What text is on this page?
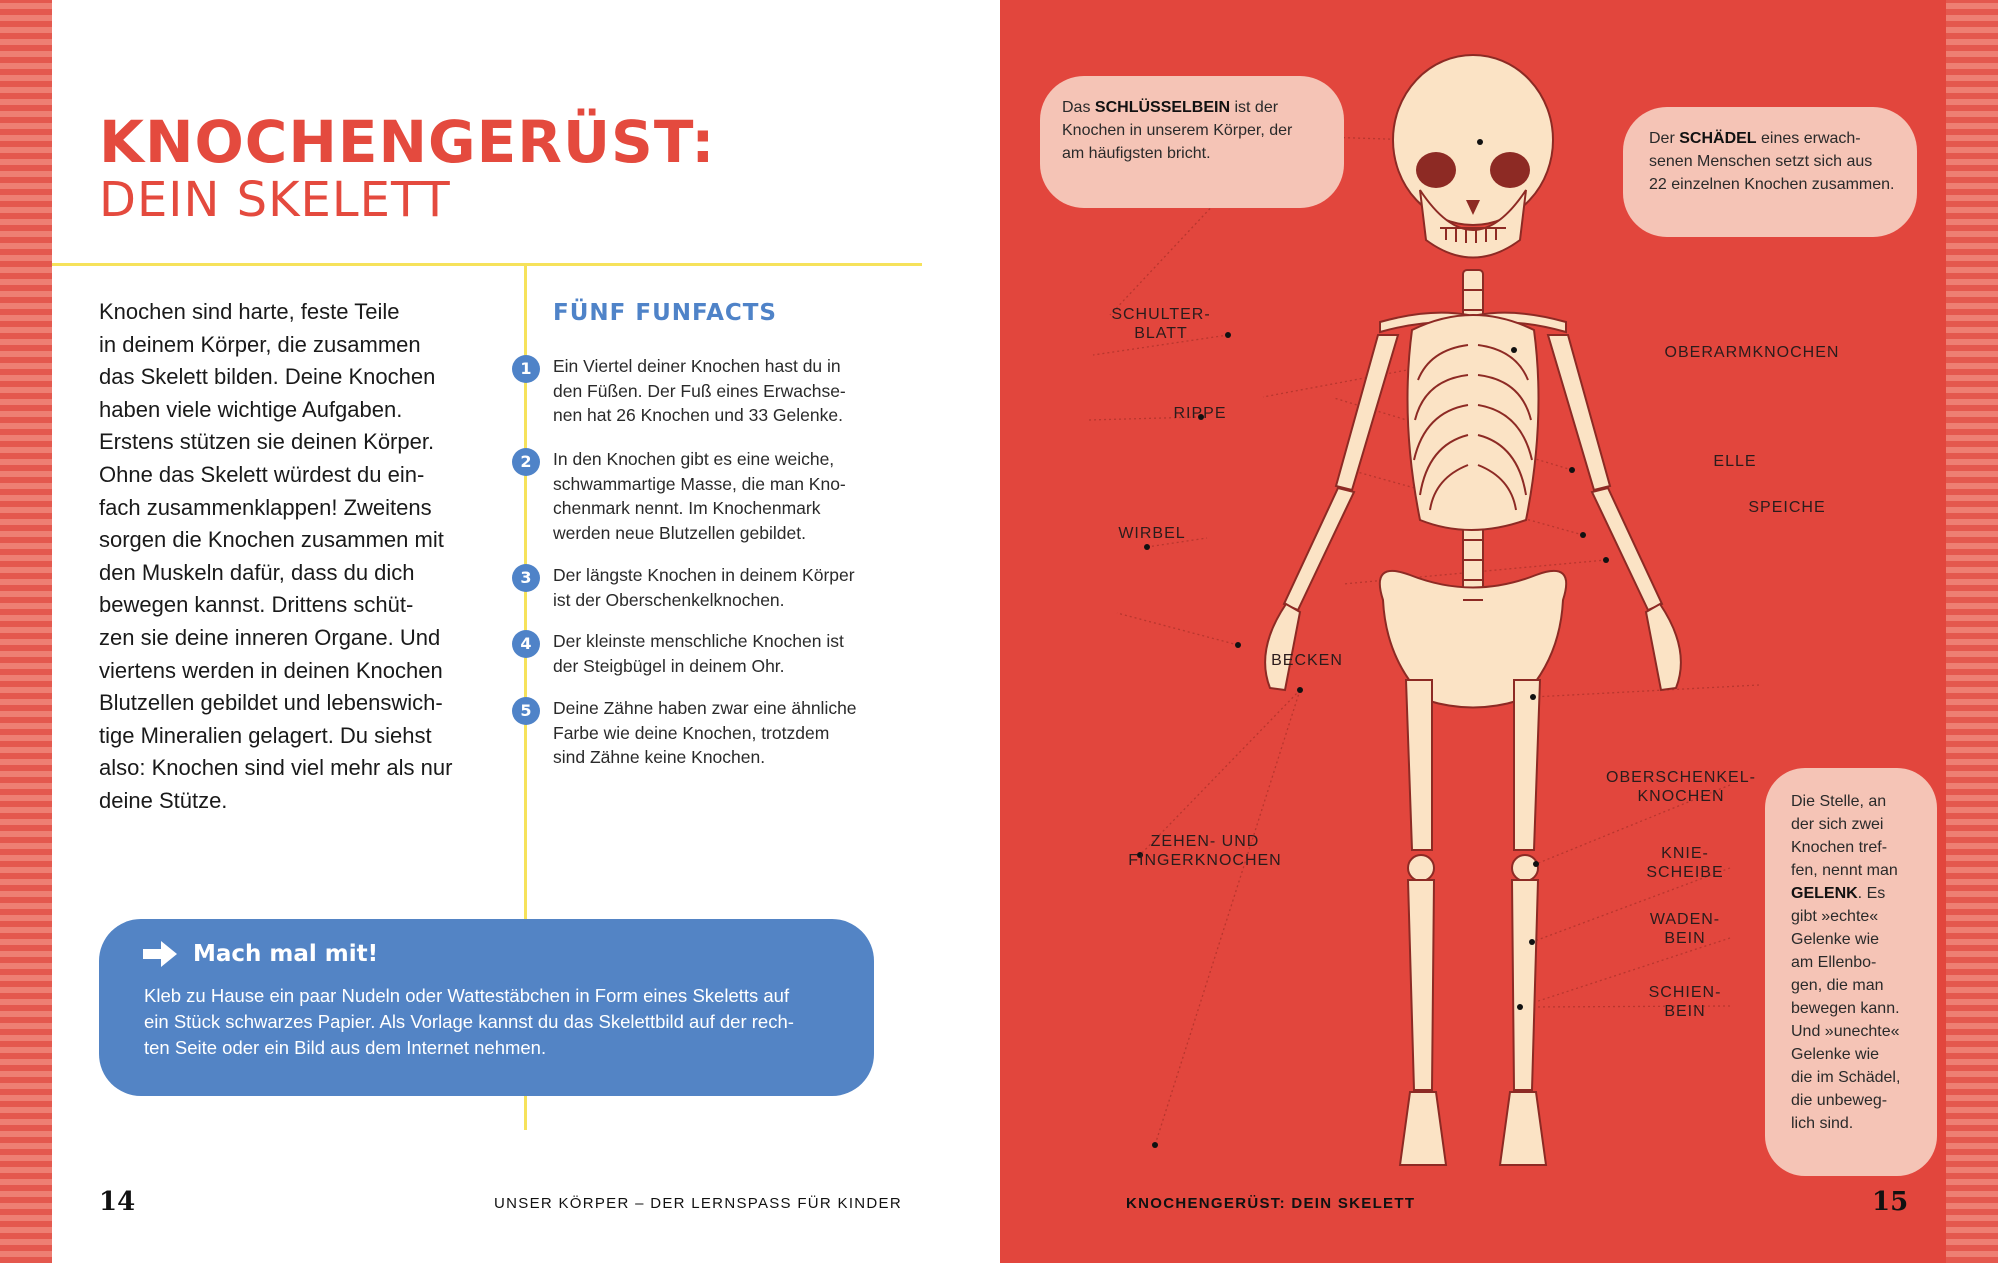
KNOCHENGERÜST:
DEIN SKELETT
Knochen sind harte, feste Teile
in deinem Körper, die zusammen
das Skelett bilden. Deine Knochen
haben viele wichtige Aufgaben.
Erstens stützen sie deinen Körper.
Ohne das Skelett würdest du ein-
fach zusammenklappen! Zweitens
sorgen die Knochen zusammen mit
den Muskeln dafür, dass du dich
bewegen kannst. Drittens schüt-
zen sie deine inneren Organe. Und
viertens werden in deinen Knochen
Blutzellen gebildet und lebenswich-
tige Mineralien gelagert. Du siehst
also: Knochen sind viel mehr als nur
deine Stütze.
FÜNF FUNFACTS
1	Ein Viertel deiner Knochen hast du in
den Füßen. Der Fuß eines Erwachse-
nen hat 26 Knochen und 33 Gelenke.
2	In den Knochen gibt es eine weiche,
schwammartige Masse, die man Kno-
chenmark nennt. Im Knochenmark
werden neue Blutzellen gebildet.
3	Der längste Knochen in deinem Körper
ist der Oberschenkelknochen.
4	Der kleinste menschliche Knochen ist
der Steigbügel in deinem Ohr.
5	Deine Zähne haben zwar eine ähnliche
Farbe wie deine Knochen, trotzdem
sind Zähne keine Knochen.
Mach mal mit!
Kleb zu Hause ein paar Nudeln oder Wattestäbchen in Form eines Skeletts auf
ein Stück schwarzes Papier. Als Vorlage kannst du das Skelettbild auf der rech-
ten Seite oder ein Bild aus dem Internet nehmen.
14	UNSER KÖRPER – DER LERNSPASS FÜR KINDER
Das SCHLÜSSELBEIN ist der
Knochen in unserem Körper, der
am häufigsten bricht.
Der SCHÄDEL eines erwach-
senen Menschen setzt sich aus
22 einzelnen Knochen zusammen.
Die Stelle, an
der sich zwei
Knochen tref-
fen, nennt man
GELENK. Es
gibt »echte«
Gelenke wie
am Ellenbo-
gen, die man
bewegen kann.
Und »unechte«
Gelenke wie
die im Schädel,
die unbeweg-
lich sind.
SCHULTER-
BLATT
RIPPE
WIRBEL
BECKEN
ZEHEN- UND
FINGERKNOCHEN
OBERARMKNOCHEN
ELLE
SPEICHE
OBERSCHENKEL-
KNOCHEN
KNIE-
SCHEIBE
WADEN-
BEIN
SCHIEN-
BEIN
KNOCHENGERÜST: DEIN SKELETT	15
